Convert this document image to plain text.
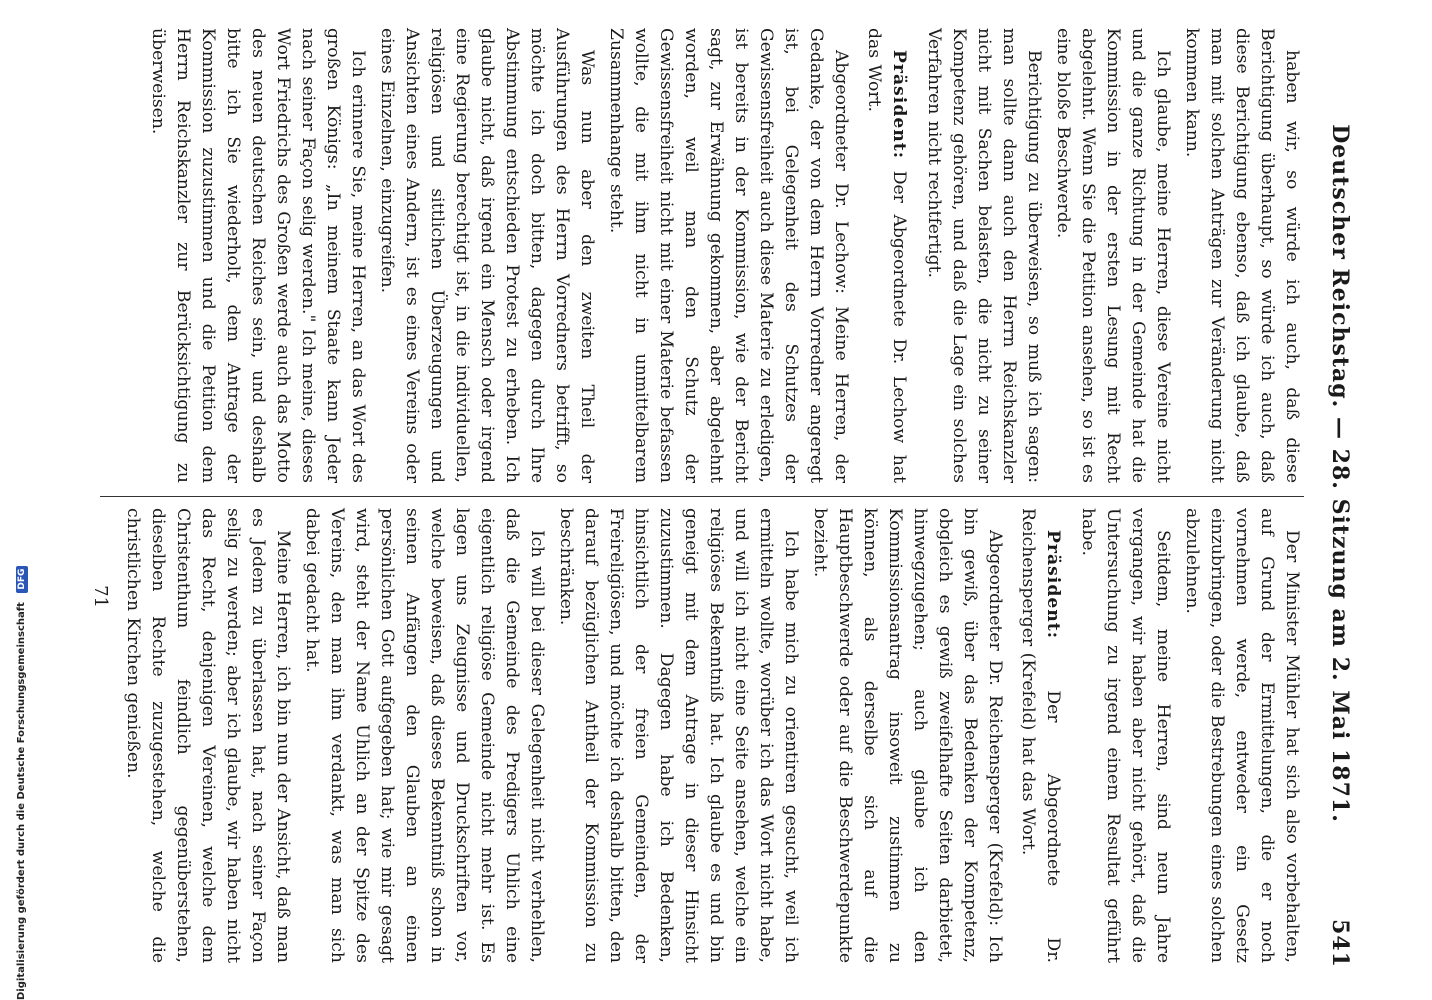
Deutscher Reichstag. — 28. Sitzung am 2. Mai 1871.
541

haben wir, so würde ich auch, daß diese Berichtigung überhaupt, so würde ich auch, daß diese Berichtigung ebenso, daß ich glaube, daß man mit solchen Anträgen zur Veränderung nicht kommen kann.

Ich glaube, meine Herren, diese Vereine nicht und die ganze Richtung in der Gemeinde hat die Kommission in der ersten Lesung mit Recht abgelehnt. Wenn Sie die Petition ansehen, so ist es eine bloße Beschwerde.

Berichtigung zu überweisen, so muß ich sagen: man sollte dann auch den Herrn Reichskanzler nicht mit Sachen belasten, die nicht zu seiner Kompetenz gehören, und daß die Lage ein solches Verfahren nicht rechtfertigt.

Präsident: Der Abgeordnete Dr. Lechow hat das Wort.

Abgeordneter Dr. Lechow: Meine Herren, der Gedanke, der von dem Herrn Vorredner angeregt ist, bei Gelegenheit des Schutzes der Gewissensfreiheit auch diese Materie zu erledigen, ist bereits in der Kommission, wie der Bericht sagt, zur Erwähnung gekommen, aber abgelehnt worden, weil man den Schutz der Gewissensfreiheit nicht mit einer Materie befassen wollte, die mit ihm nicht in unmittelbarem Zusammenhange steht.

Was nun aber den zweiten Theil der Ausführungen des Herrn Vorredners betrifft, so möchte ich doch bitten, dagegen durch Ihre Abstimmung entschieden Protest zu erheben. Ich glaube nicht, daß irgend ein Mensch oder irgend eine Regierung berechtigt ist, in die individuellen, religiösen und sittlichen Überzeugungen und Ansichten eines Andern, ist es eines Vereins oder eines Einzelnen, einzugreifen.

Ich erinnere Sie, meine Herren, an das Wort des großen Königs: „In meinem Staate kann Jeder nach seiner Façon selig werden." Ich meine, dieses Wort Friedrichs des Großen werde auch das Motto des neuen deutschen Reiches sein, und deshalb bitte ich Sie wiederholt, dem Antrage der Kommission zuzustimmen und die Petition dem Herrn Reichskanzler zur Berücksichtigung zu überweisen.

Der Minister Mühler hat sich also vorbehalten, auf Grund der Ermittelungen, die er noch vornehmen werde, entweder ein Gesetz einzubringen, oder die Bestrebungen eines solchen abzulehnen.

Seitdem, meine Herren, sind neun Jahre vergangen, wir haben aber nicht gehört, daß die Untersuchung zu irgend einem Resultat geführt habe.

Präsident: Der Abgeordnete Dr. Reichensperger (Krefeld) hat das Wort.

Abgeordneter Dr. Reichensperger (Krefeld): Ich bin gewiß, über das Bedenken der Kompetenz, obgleich es gewiß zweifelhafte Seiten darbietet, hinwegzugehen; auch glaube ich den Kommissionsantrag insoweit zustimmen zu können, als derselbe sich auf die Hauptbeschwerde oder auf die Beschwerdepunkte bezieht.

Ich habe mich zu orientiren gesucht, weil ich ermitteln wollte, worüber ich das Wort nicht habe, und will ich nicht eine Seite ansehen, welche ein religiöses Bekenntniß hat. Ich glaube es und bin geneigt mit dem Antrage in dieser Hinsicht zuzustimmen. Dagegen habe ich Bedenken, hinsichtlich der freien Gemeinden, der Freireligiösen, und möchte ich deshalb bitten, den darauf bezüglichen Antheil der Kommission zu beschränken.

Ich will bei dieser Gelegenheit nicht verhehlen, daß die Gemeinde des Predigers Uhlich eine eigentlich religiöse Gemeinde nicht mehr ist. Es lagen uns Zeugnisse und Druckschriften vor, welche beweisen, daß dieses Bekenntniß schon in seinen Anfängen den Glauben an einen persönlichen Gott aufgegeben hat; wie mir gesagt wird, steht der Name Uhlich an der Spitze des Vereins, den man ihm verdankt, was man sich dabei gedacht hat.

Meine Herren, ich bin nun der Ansicht, daß man es Jedem zu überlassen hat, nach seiner Façon selig zu werden; aber ich glaube, wir haben nicht das Recht, denjenigen Vereinen, welche dem Christenthum feindlich gegenüberstehen, dieselben Rechte zuzugestehen, welche die christlichen Kirchen genießen.

71
Digitalisierung gefördert durch die Deutsche Forschungsgemeinschaft DFG
